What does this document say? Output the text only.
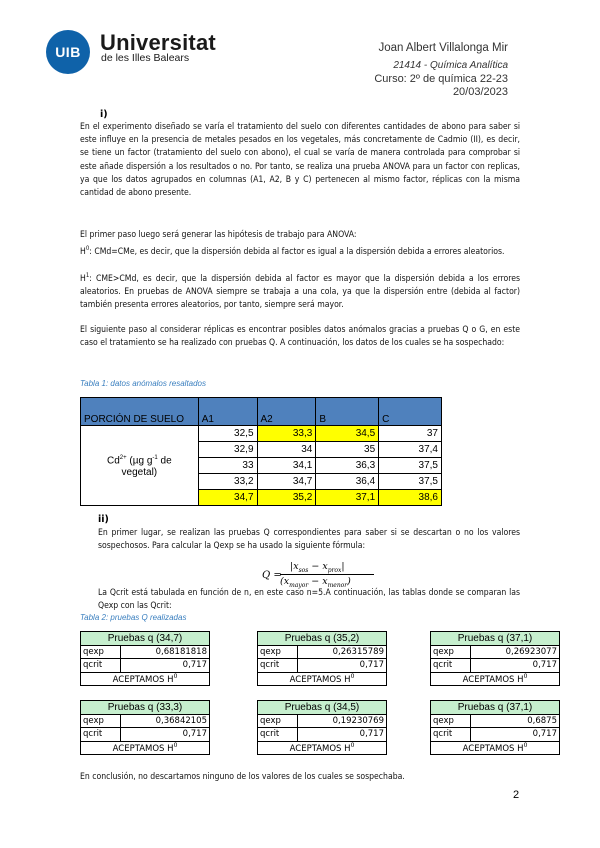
UIB Universitat
de les Illes Balears
Joan Albert Villalonga Mir
21414 - Química Analítica
Curso: 2º de química 22-23
20/03/2023
i)
En el experimento diseñado se varía el tratamiento del suelo con diferentes cantidades de abono para saber si este influye en la presencia de metales pesados en los vegetales, más concretamente de Cadmio (II), es decir, se tiene un factor (tratamiento del suelo con abono), el cual se varía de manera controlada para comprobar si este añade dispersión a los resultados o no. Por tanto, se realiza una prueba ANOVA para un factor con replicas, ya que los datos agrupados en columnas (A1, A2, B y C) pertenecen al mismo factor, réplicas con la misma cantidad de abono presente.
El primer paso luego será generar las hipótesis de trabajo para ANOVA:
$H^0$: CMd=CMe, es decir, que la dispersión debida al factor es igual a la dispersión debida a errores aleatorios.
$H^1$: CME>CMd, es decir, que la dispersión debida al factor es mayor que la dispersión debida a los errores aleatorios. En pruebas de ANOVA siempre se trabaja a una cola, ya que la dispersión entre (debida al factor) también presenta errores aleatorios, por tanto, siempre será mayor.
El siguiente paso al considerar réplicas es encontrar posibles datos anómalos gracias a pruebas Q o G, en este caso el tratamiento se ha realizado con pruebas Q. A continuación, los datos de los cuales se ha sospechado:
Tabla 1: datos anómalos resaltados
PORCIÓN DE SUELO	A1	A2	B	C
$Cd^{2+}$ (µg $g^{-1}$ de vegetal)	32,5	33,3	34,5	37
	32,9	34	35	37,4
	33	34,1	36,3	37,5
	33,2	34,7	36,4	37,5
	34,7	35,2	37,1	38,6
ii)
En primer lugar, se realizan las pruebas Q correspondientes para saber si se descartan o no los valores sospechosos. Para calcular la Qexp se ha usado la siguiente fórmula:
Q =
$|x_{sos} - x_{prox}|$
$(x_{mayor} - x_{menor})$
La Qcrit está tabulada en función de n, en este caso n=5.A continuación, las tablas donde se comparan las Qexp con las Qcrit:
Tabla 2: pruebas Q realizadas
Pruebas q (34,7)	
qexp	0,68181818
qcrit	0,717
ACEPTAMOS $H^0$
Pruebas q (35,2)	
qexp	0,26315789
qcrit	0,717
ACEPTAMOS $H^0$
Pruebas q (37,1)	
qexp	0,26923077
qcrit	0,717
ACEPTAMOS $H^0$
Pruebas q (33,3)	
qexp	0,36842105
qcrit	0,717
ACEPTAMOS $H^0$
Pruebas q (34,5)	
qexp	0,19230769
qcrit	0,717
ACEPTAMOS $H^0$
Pruebas q (37,1)	
qexp	0,6875
qcrit	0,717
ACEPTAMOS $H^0$
En conclusión, no descartamos ninguno de los valores de los cuales se sospechaba.
2
